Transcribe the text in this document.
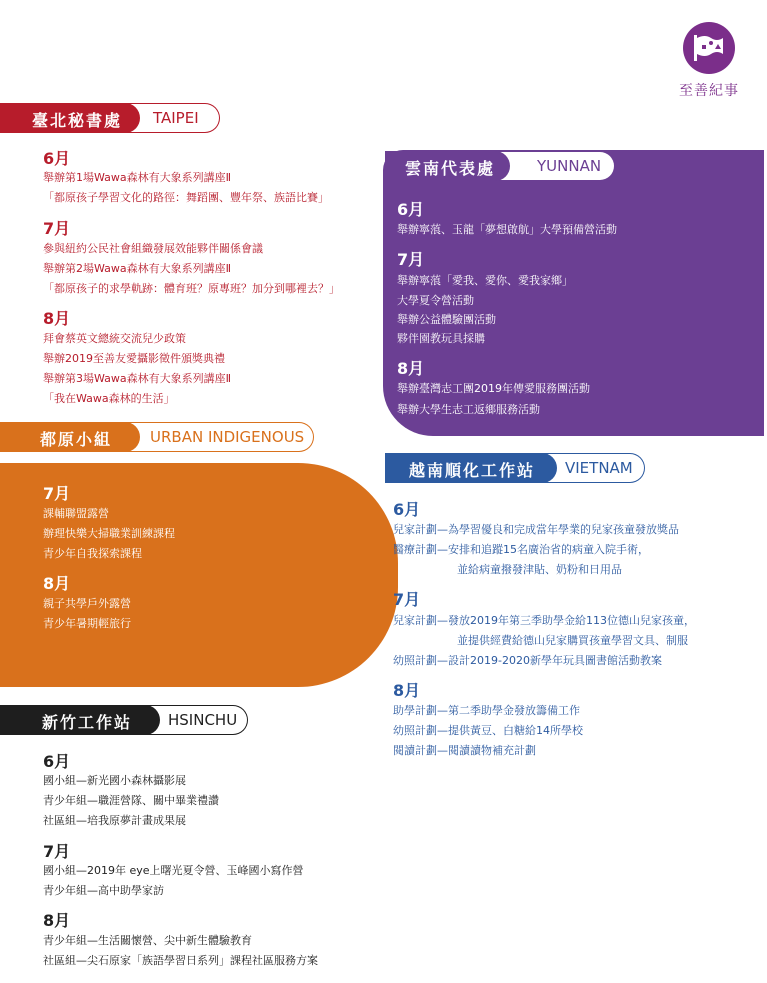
至善紀事
臺北秘書處 TAIPEI
6月
舉辦第1場Wawa森林有大象系列講座Ⅱ
「都原孩子學習文化的路徑：舞蹈團、豐年祭、族語比賽」
7月
參與紐約公民社會組織發展效能夥伴關係會議
舉辦第2場Wawa森林有大象系列講座Ⅱ
「都原孩子的求學軌跡：體育班？原專班？加分到哪裡去？」
8月
拜會蔡英文總統交流兒少政策
舉辦2019至善友愛攝影徵件頒獎典禮
舉辦第3場Wawa森林有大象系列講座Ⅱ
「我在Wawa森林的生活」
都原小組	URBAN INDIGENOUS
7月
課輔聯盟露營
辦理快樂大掃職業訓練課程
青少年自我探索課程
8月
親子共學戶外露營
青少年暑期輕旅行
新竹工作站 HSINCHU
6月
國小組—新光國小森林攝影展
青少年組—職涯營隊、關中畢業禮讚
社區組—培我原夢計畫成果展
7月
國小組—2019年 eye上曙光夏令營、玉峰國小寫作營
青少年組—高中助學家訪
8月
青少年組—生活關懷營、尖中新生體驗教育
社區組—尖石原家「族語學習日系列」課程社區服務方案
雲南代表處	YUNNAN
6月
舉辦寧蒗、玉龍「夢想啟航」大學預備營活動
7月
舉辦寧蒗「愛我、愛你、愛我家鄉」
大學夏令營活動
舉辦公益體驗團活動
夥伴園教玩具採購
8月
舉辦臺灣志工團2019年傳愛服務團活動
舉辦大學生志工返鄉服務活動
越南順化工作站 VIETNAM
6月
兒家計劃—為學習優良和完成當年學業的兒家孩童發放獎品
醫療計劃—安排和追蹤15名廣治省的病童入院手術，
並給病童撥發津貼、奶粉和日用品
7月
兒家計劃—發放2019年第三季助學金給113位德山兒家孩童，
並提供經費給德山兒家購買孩童學習文具、制服
幼照計劃—設計2019-2020新學年玩具圖書館活動教案
8月
助學計劃—第二季助學金發放籌備工作
幼照計劃—提供黃豆、白糖給14所學校
閱讀計劃—閱讀讀物補充計劃
